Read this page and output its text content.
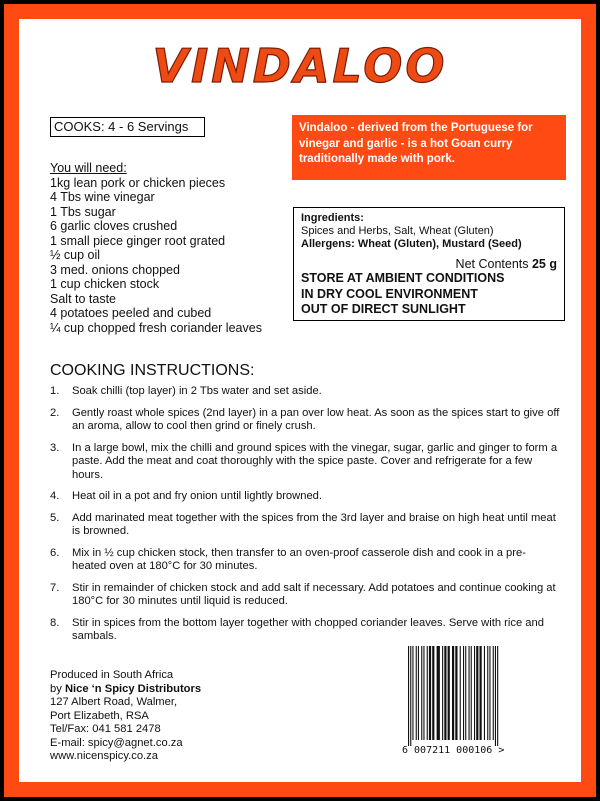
VINDALOO
COOKS: 4 - 6 Servings	Vindaloo - derived from the Portuguese for vinegar and garlic - is a hot Goan curry traditionally made with pork.
You will need:
1kg lean pork or chicken pieces
4 Tbs wine vinegar
1 Tbs sugar
6 garlic cloves crushed
1 small piece ginger root grated
½ cup oil
3 med. onions chopped
1 cup chicken stock
Salt to taste
4 potatoes peeled and cubed
¼ cup chopped fresh coriander leaves
Ingredients:
Spices and Herbs, Salt, Wheat (Gluten)
Allergens: Wheat (Gluten), Mustard (Seed)
Net Contents 25 g
STORE AT AMBIENT CONDITIONS
IN DRY COOL ENVIRONMENT
OUT OF DIRECT SUNLIGHT
COOKING INSTRUCTIONS:
1. Soak chilli (top layer) in 2 Tbs water and set aside.
2. Gently roast whole spices (2nd layer) in a pan over low heat. As soon as the spices start to give off an aroma, allow to cool then grind or finely crush.
3. In a large bowl, mix the chilli and ground spices with the vinegar, sugar, garlic and ginger to form a paste. Add the meat and coat thoroughly with the spice paste. Cover and refrigerate for a few hours.
4. Heat oil in a pot and fry onion until lightly browned.
5. Add marinated meat together with the spices from the 3rd layer and braise on high heat until meat is browned.
6. Mix in ½ cup chicken stock, then transfer to an oven-proof casserole dish and cook in a pre-heated oven at 180°C for 30 minutes.
7. Stir in remainder of chicken stock and add salt if necessary. Add potatoes and continue cooking at 180°C for 30 minutes until liquid is reduced.
8. Stir in spices from the bottom layer together with chopped coriander leaves. Serve with rice and sambals.
Produced in South Africa
by Nice ‘n Spicy Distributors
127 Albert Road, Walmer,
Port Elizabeth, RSA
Tel/Fax: 041 581 2478
E-mail: spicy@agnet.co.za
www.nicenspicy.co.za	6 007211 000106 >
